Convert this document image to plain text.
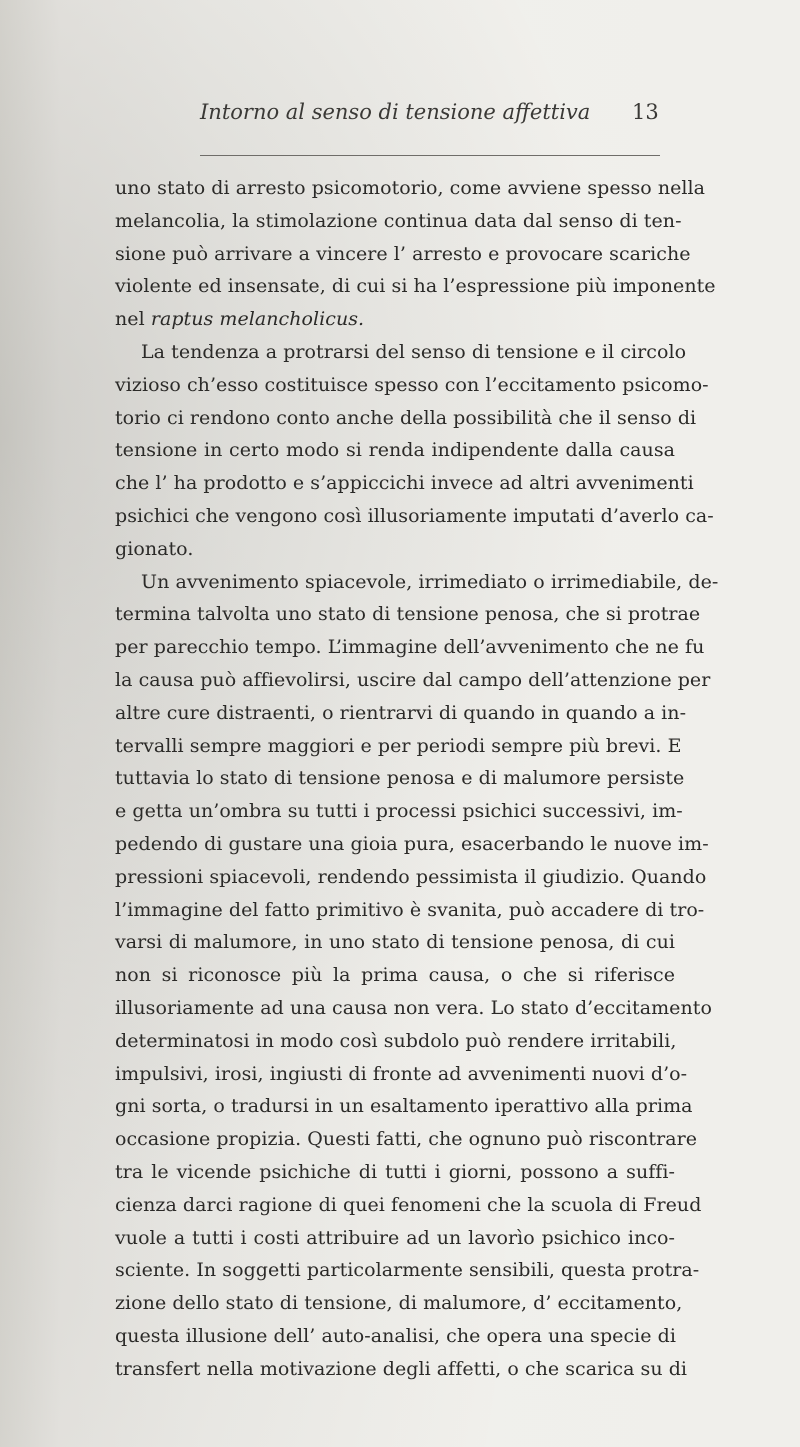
Intorno al senso di tensione affettiva 13
uno stato di arresto psicomotorio, come avviene spesso nella
melancolia, la stimolazione continua data dal senso di ten-
sione può arrivare a vincere l’ arresto e provocare scariche
violente ed insensate, di cui si ha l’espressione più imponente
nel raptus melancholicus.
La tendenza a protrarsi del senso di tensione e il circolo
vizioso ch’esso costituisce spesso con l’eccitamento psicomo-
torio ci rendono conto anche della possibilità che il senso di
tensione in certo modo si renda indipendente dalla causa
che l’ ha prodotto e s’appiccichi invece ad altri avvenimenti
psichici che vengono così illusoriamente imputati d’averlo ca-
gionato.
Un avvenimento spiacevole, irrimediato o irrimediabile, de-
termina talvolta uno stato di tensione penosa, che si protrae
per parecchio tempo. L’immagine dell’avvenimento che ne fu
la causa può affievolirsi, uscire dal campo dell’attenzione per
altre cure distraenti, o rientrarvi di quando in quando a in-
tervalli sempre maggiori e per periodi sempre più brevi. E
tuttavia lo stato di tensione penosa e di malumore persiste
e getta un’ombra su tutti i processi psichici successivi, im-
pedendo di gustare una gioia pura, esacerbando le nuove im-
pressioni spiacevoli, rendendo pessimista il giudizio. Quando
l’immagine del fatto primitivo è svanita, può accadere di tro-
varsi di malumore, in uno stato di tensione penosa, di cui
non si riconosce più la prima causa, o che si riferisce
illusoriamente ad una causa non vera. Lo stato d’eccitamento
determinatosi in modo così subdolo può rendere irritabili,
impulsivi, irosi, ingiusti di fronte ad avvenimenti nuovi d’o-
gni sorta, o tradursi in un esaltamento iperattivo alla prima
occasione propizia. Questi fatti, che ognuno può riscontrare
tra le vicende psichiche di tutti i giorni, possono a suffi-
cienza darci ragione di quei fenomeni che la scuola di Freud
vuole a tutti i costi attribuire ad un lavorìo psichico inco-
sciente. In soggetti particolarmente sensibili, questa protra-
zione dello stato di tensione, di malumore, d’ eccitamento,
questa illusione dell’ auto-analisi, che opera una specie di
transfert nella motivazione degli affetti, o che scarica su di
